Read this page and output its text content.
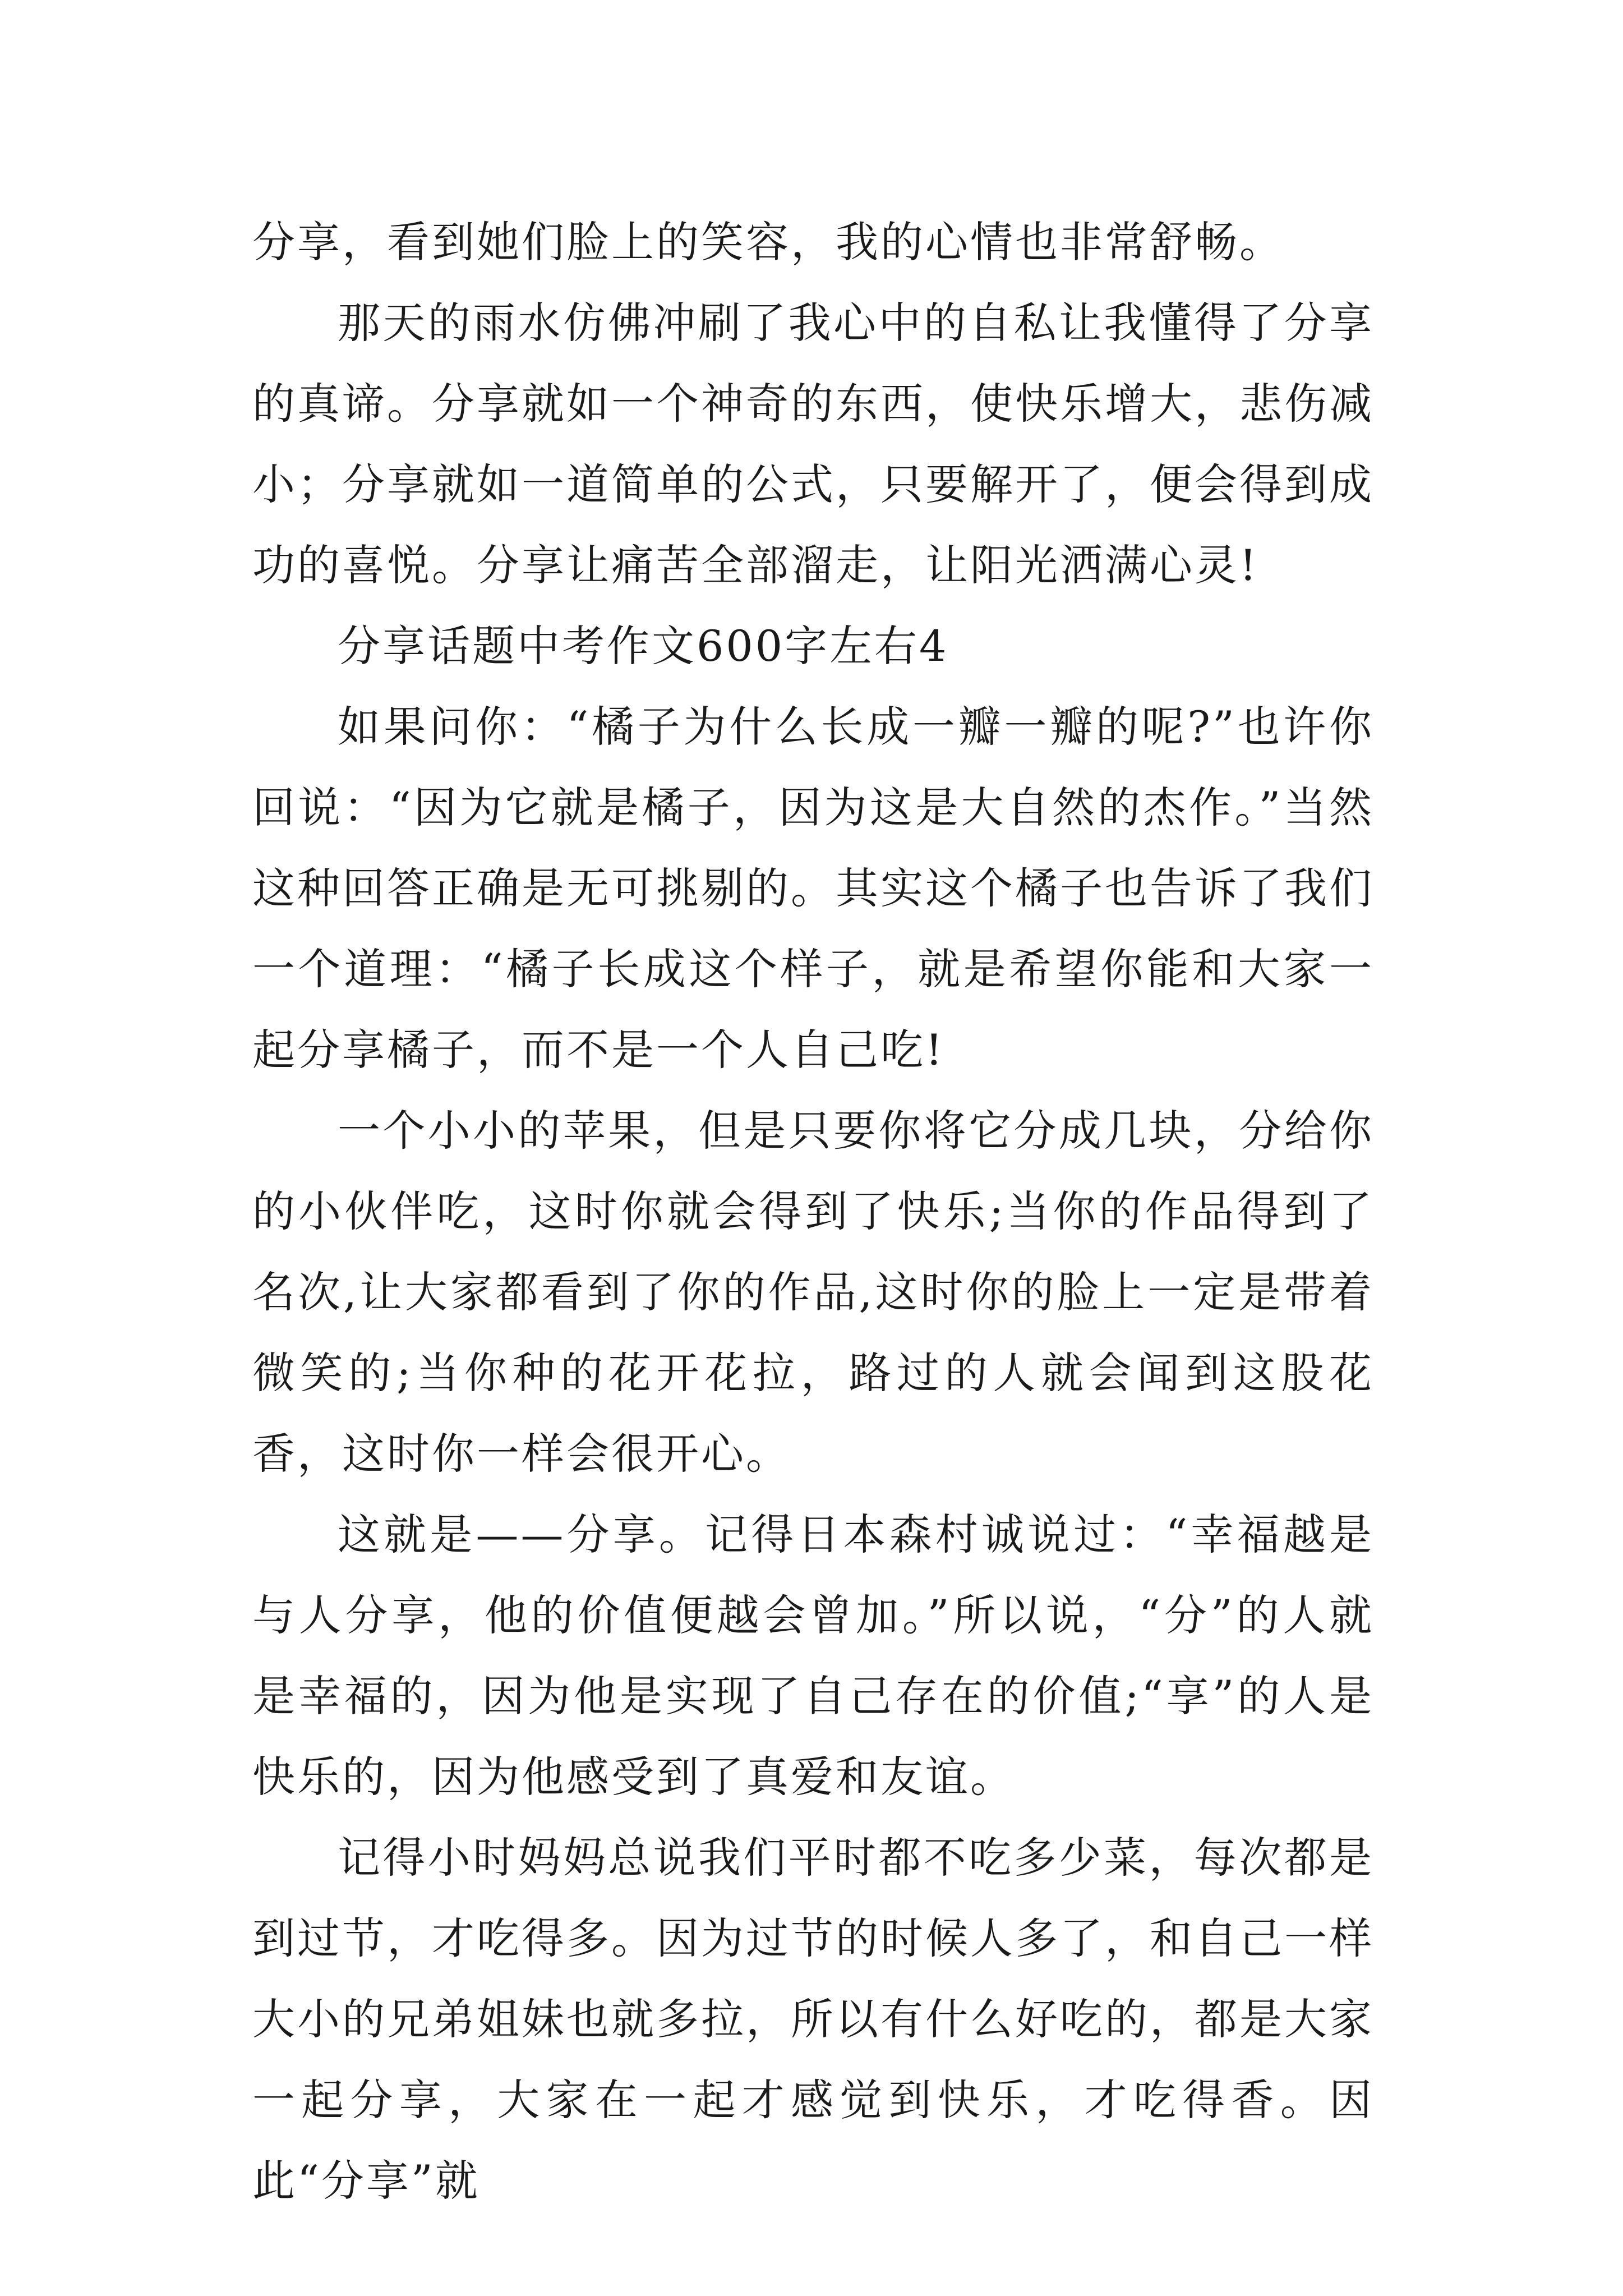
分享，看到她们脸上的笑容，我的心情也非常舒畅。

那天的雨水仿佛冲刷了我心中的自私让我懂得了分享的真谛。分享就如一个神奇的东西，使快乐增大，悲伤减小；分享就如一道简单的公式，只要解开了，便会得到成功的喜悦。分享让痛苦全部溜走，让阳光洒满心灵!

分享话题中考作文600字左右4

如果问你：“橘子为什么长成一瓣一瓣的呢?”也许你回说：“因为它就是橘子，因为这是大自然的杰作。”当然这种回答正确是无可挑剔的。其实这个橘子也告诉了我们一个道理：“橘子长成这个样子，就是希望你能和大家一起分享橘子，而不是一个人自己吃!

一个小小的苹果，但是只要你将它分成几块，分给你的小伙伴吃，这时你就会得到了快乐;当你的作品得到了名次,让大家都看到了你的作品,这时你的脸上一定是带着微笑的;当你种的花开花拉，路过的人就会闻到这股花香，这时你一样会很开心。

这就是——分享。记得日本森村诚说过：“幸福越是与人分享，他的价值便越会曾加。”所以说，“分”的人就是幸福的，因为他是实现了自己存在的价值;“享”的人是快乐的，因为他感受到了真爱和友谊。

记得小时妈妈总说我们平时都不吃多少菜，每次都是到过节，才吃得多。因为过节的时候人多了，和自己一样大小的兄弟姐妹也就多拉，所以有什么好吃的，都是大家一起分享，大家在一起才感觉到快乐，才吃得香。因此“分享”就
